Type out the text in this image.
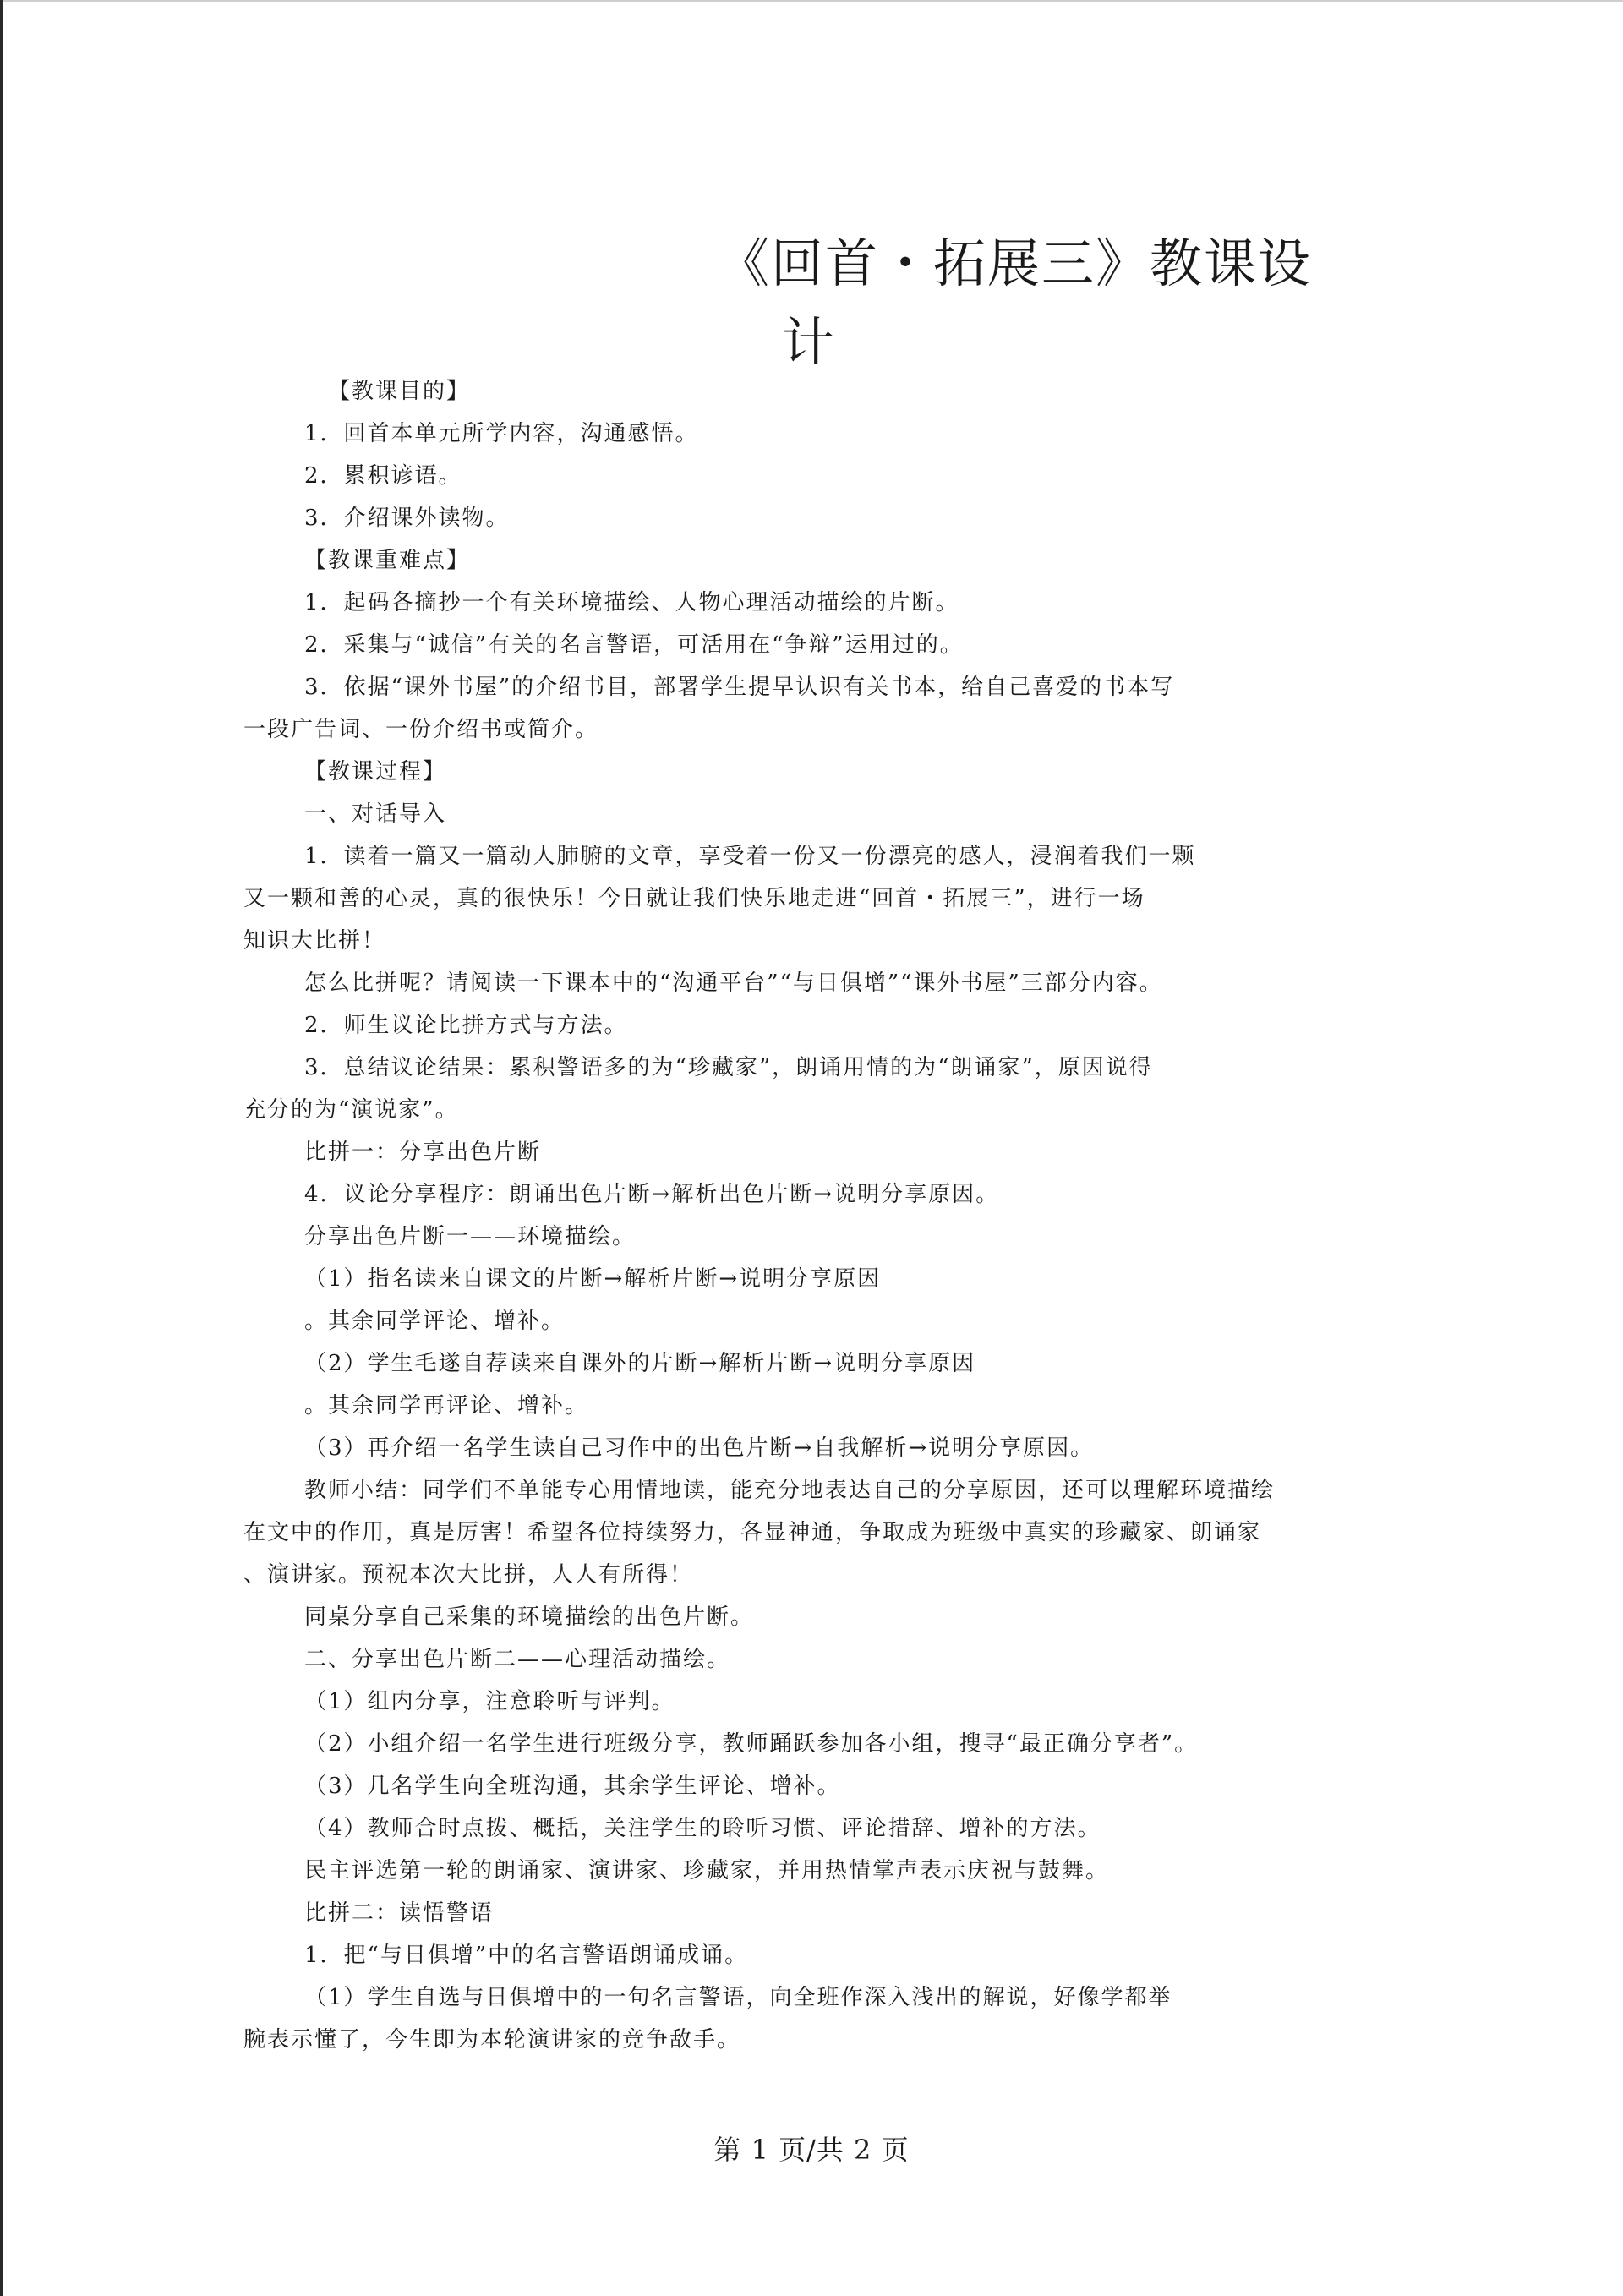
《回首・拓展三》教课设
计

【教课目的】

1．回首本单元所学内容，沟通感悟。

2．累积谚语。

3．介绍课外读物。

【教课重难点】

1．起码各摘抄一个有关环境描绘、人物心理活动描绘的片断。

2．采集与“诚信”有关的名言警语，可活用在“争辩”运用过的。

3．依据“课外书屋”的介绍书目，部署学生提早认识有关书本，给自己喜爱的书本写

一段广告词、一份介绍书或简介。

【教课过程】

一、对话导入

1．读着一篇又一篇动人肺腑的文章，享受着一份又一份漂亮的感人，浸润着我们一颗

又一颗和善的心灵，真的很快乐！今日就让我们快乐地走进“回首・拓展三”，进行一场

知识大比拼！

怎么比拼呢？请阅读一下课本中的“沟通平台”“与日俱增”“课外书屋”三部分内容。

2．师生议论比拼方式与方法。

3．总结议论结果：累积警语多的为“珍藏家”，朗诵用情的为“朗诵家”，原因说得

充分的为“演说家”。

比拼一：分享出色片断

4．议论分享程序：朗诵出色片断→解析出色片断→说明分享原因。

分享出色片断一——环境描绘。

（1）指名读来自课文的片断→解析片断→说明分享原因

。其余同学评论、增补。

（2）学生毛遂自荐读来自课外的片断→解析片断→说明分享原因

。其余同学再评论、增补。

（3）再介绍一名学生读自己习作中的出色片断→自我解析→说明分享原因。

教师小结：同学们不单能专心用情地读，能充分地表达自己的分享原因，还可以理解环境描绘

在文中的作用，真是厉害！希望各位持续努力，各显神通，争取成为班级中真实的珍藏家、朗诵家

、演讲家。预祝本次大比拼，人人有所得！

同桌分享自己采集的环境描绘的出色片断。

二、分享出色片断二——心理活动描绘。

（1）组内分享，注意聆听与评判。

（2）小组介绍一名学生进行班级分享，教师踊跃参加各小组，搜寻“最正确分享者”。

（3）几名学生向全班沟通，其余学生评论、增补。

（4）教师合时点拨、概括，关注学生的聆听习惯、评论措辞、增补的方法。

民主评选第一轮的朗诵家、演讲家、珍藏家，并用热情掌声表示庆祝与鼓舞。

比拼二：读悟警语

1．把“与日俱增”中的名言警语朗诵成诵。

（1）学生自选与日俱增中的一句名言警语，向全班作深入浅出的解说，好像学都举

腕表示懂了，今生即为本轮演讲家的竞争敌手。

第 1 页/共 2 页
